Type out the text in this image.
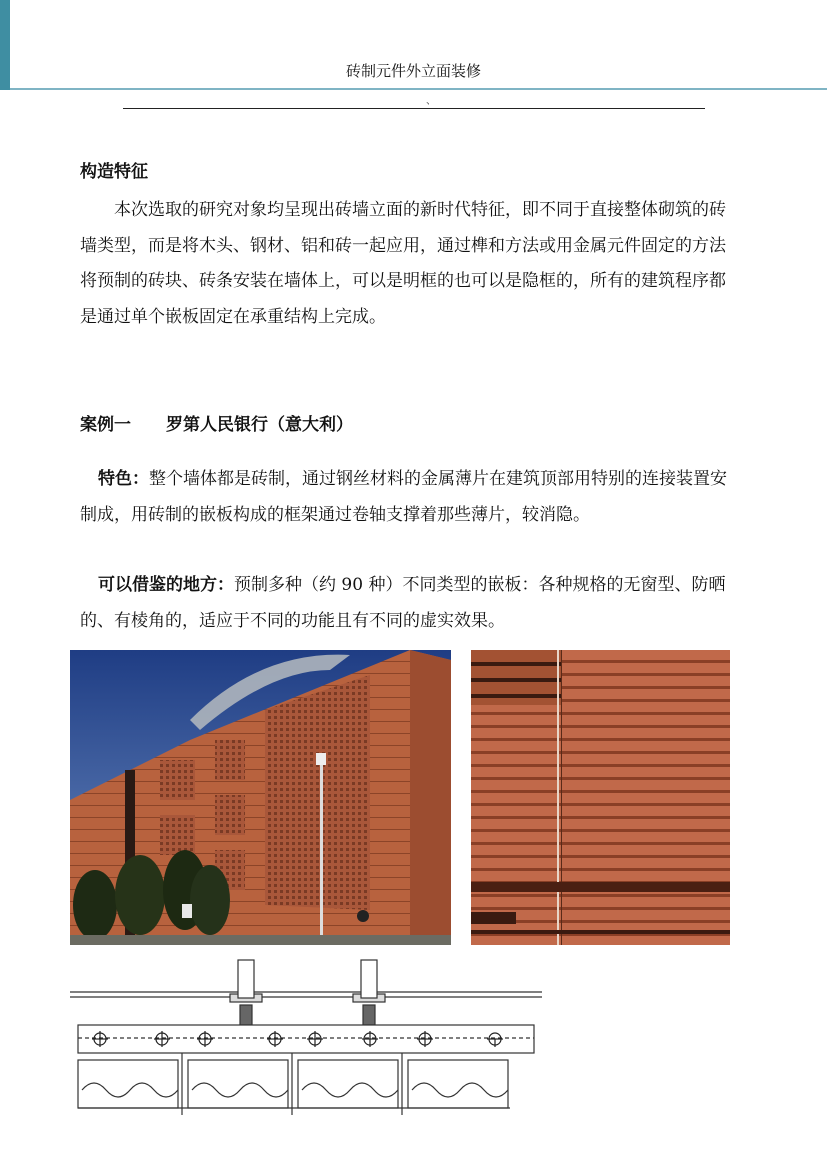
砖制元件外立面装修
、
构造特征
本次选取的研究对象均呈现出砖墙立面的新时代特征，即不同于直接整体砌筑的砖墙类型，而是将木头、钢材、铝和砖一起应用，通过榫和方法或用金属元件固定的方法将预制的砖块、砖条安装在墙体上，可以是明框的也可以是隐框的，所有的建筑程序都是通过单个嵌板固定在承重结构上完成。
案例一 罗第人民银行（意大利）
特色：整个墙体都是砖制，通过钢丝材料的金属薄片在建筑顶部用特别的连接装置安制成，用砖制的嵌板构成的框架通过卷轴支撑着那些薄片，较消隐。
可以借鉴的地方：预制多种（约 90 种）不同类型的嵌板：各种规格的无窗型、防晒的、有棱角的，适应于不同的功能且有不同的虚实效果。
